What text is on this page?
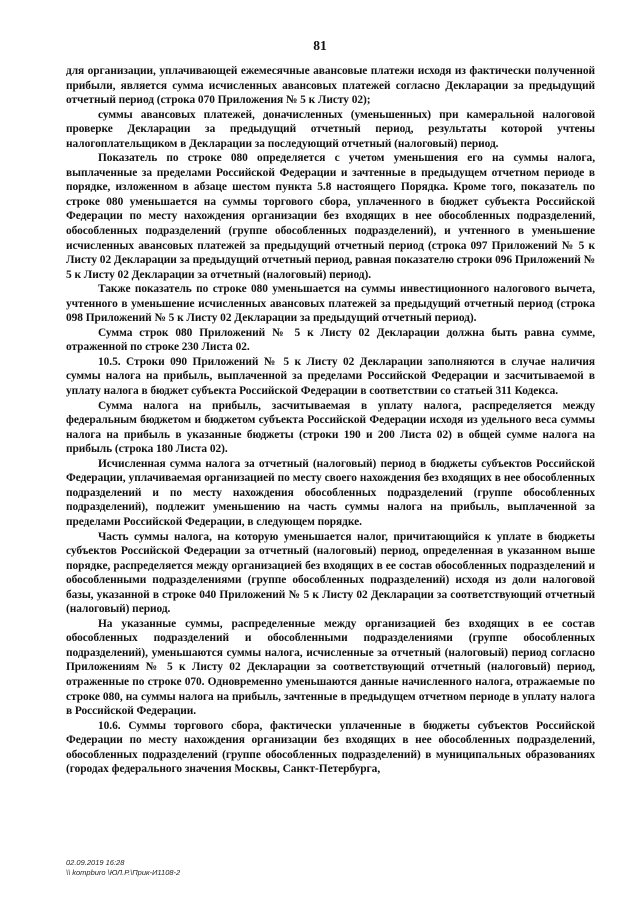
81

для организации, уплачивающей ежемесячные авансовые платежи исходя из фактически полученной прибыли, является сумма исчисленных авансовых платежей согласно Декларации за предыдущий отчетный период (строка 070 Приложения № 5 к Листу 02);

суммы авансовых платежей, доначисленных (уменьшенных) при камеральной налоговой проверке Декларации за предыдущий отчетный период, результаты которой учтены налогоплательщиком в Декларации за последующий отчетный (налоговый) период.

Показатель по строке 080 определяется с учетом уменьшения его на суммы налога, выплаченные за пределами Российской Федерации и зачтенные в предыдущем отчетном периоде в порядке, изложенном в абзаце шестом пункта 5.8 настоящего Порядка. Кроме того, показатель по строке 080 уменьшается на суммы торгового сбора, уплаченного в бюджет субъекта Российской Федерации по месту нахождения организации без входящих в нее обособленных подразделений, обособленных подразделений (группе обособленных подразделений), и учтенного в уменьшение исчисленных авансовых платежей за предыдущий отчетный период (строка 097 Приложений № 5 к Листу 02 Декларации за предыдущий отчетный период, равная показателю строки 096 Приложений № 5 к Листу 02 Декларации за отчетный (налоговый) период).

Также показатель по строке 080 уменьшается на суммы инвестиционного налогового вычета, учтенного в уменьшение исчисленных авансовых платежей за предыдущий отчетный период (строка 098 Приложений № 5 к Листу 02 Декларации за предыдущий отчетный период).

Сумма строк 080 Приложений № 5 к Листу 02 Декларации должна быть равна сумме, отраженной по строке 230 Листа 02.

10.5. Строки 090 Приложений № 5 к Листу 02 Декларации заполняются в случае наличия суммы налога на прибыль, выплаченной за пределами Российской Федерации и засчитываемой в уплату налога в бюджет субъекта Российской Федерации в соответствии со статьей 311 Кодекса.

Сумма налога на прибыль, засчитываемая в уплату налога, распределяется между федеральным бюджетом и бюджетом субъекта Российской Федерации исходя из удельного веса суммы налога на прибыль в указанные бюджеты (строки 190 и 200 Листа 02) в общей сумме налога на прибыль (строка 180 Листа 02).

Исчисленная сумма налога за отчетный (налоговый) период в бюджеты субъектов Российской Федерации, уплачиваемая организацией по месту своего нахождения без входящих в нее обособленных подразделений и по месту нахождения обособленных подразделений (группе обособленных подразделений), подлежит уменьшению на часть суммы налога на прибыль, выплаченной за пределами Российской Федерации, в следующем порядке.

Часть суммы налога, на которую уменьшается налог, причитающийся к уплате в бюджеты субъектов Российской Федерации за отчетный (налоговый) период, определенная в указанном выше порядке, распределяется между организацией без входящих в ее состав обособленных подразделений и обособленными подразделениями (группе обособленных подразделений) исходя из доли налоговой базы, указанной в строке 040 Приложений № 5 к Листу 02 Декларации за соответствующий отчетный (налоговый) период.

На указанные суммы, распределенные между организацией без входящих в ее состав обособленных подразделений и обособленными подразделениями (группе обособленных подразделений), уменьшаются суммы налога, исчисленные за отчетный (налоговый) период согласно Приложениям № 5 к Листу 02 Декларации за соответствующий отчетный (налоговый) период, отраженные по строке 070. Одновременно уменьшаются данные начисленного налога, отражаемые по строке 080, на суммы налога на прибыль, зачтенные в предыдущем отчетном периоде в уплату налога в Российской Федерации.

10.6. Суммы торгового сбора, фактически уплаченные в бюджеты субъектов Российской Федерации по месту нахождения организации без входящих в нее обособленных подразделений, обособленных подразделений (группе обособленных подразделений) в муниципальных образованиях (городах федерального значения Москвы, Санкт-Петербурга,

02.09.2019 16:28
\\ kompburo \ЮЛ.Р.\Прик-И1108-2
